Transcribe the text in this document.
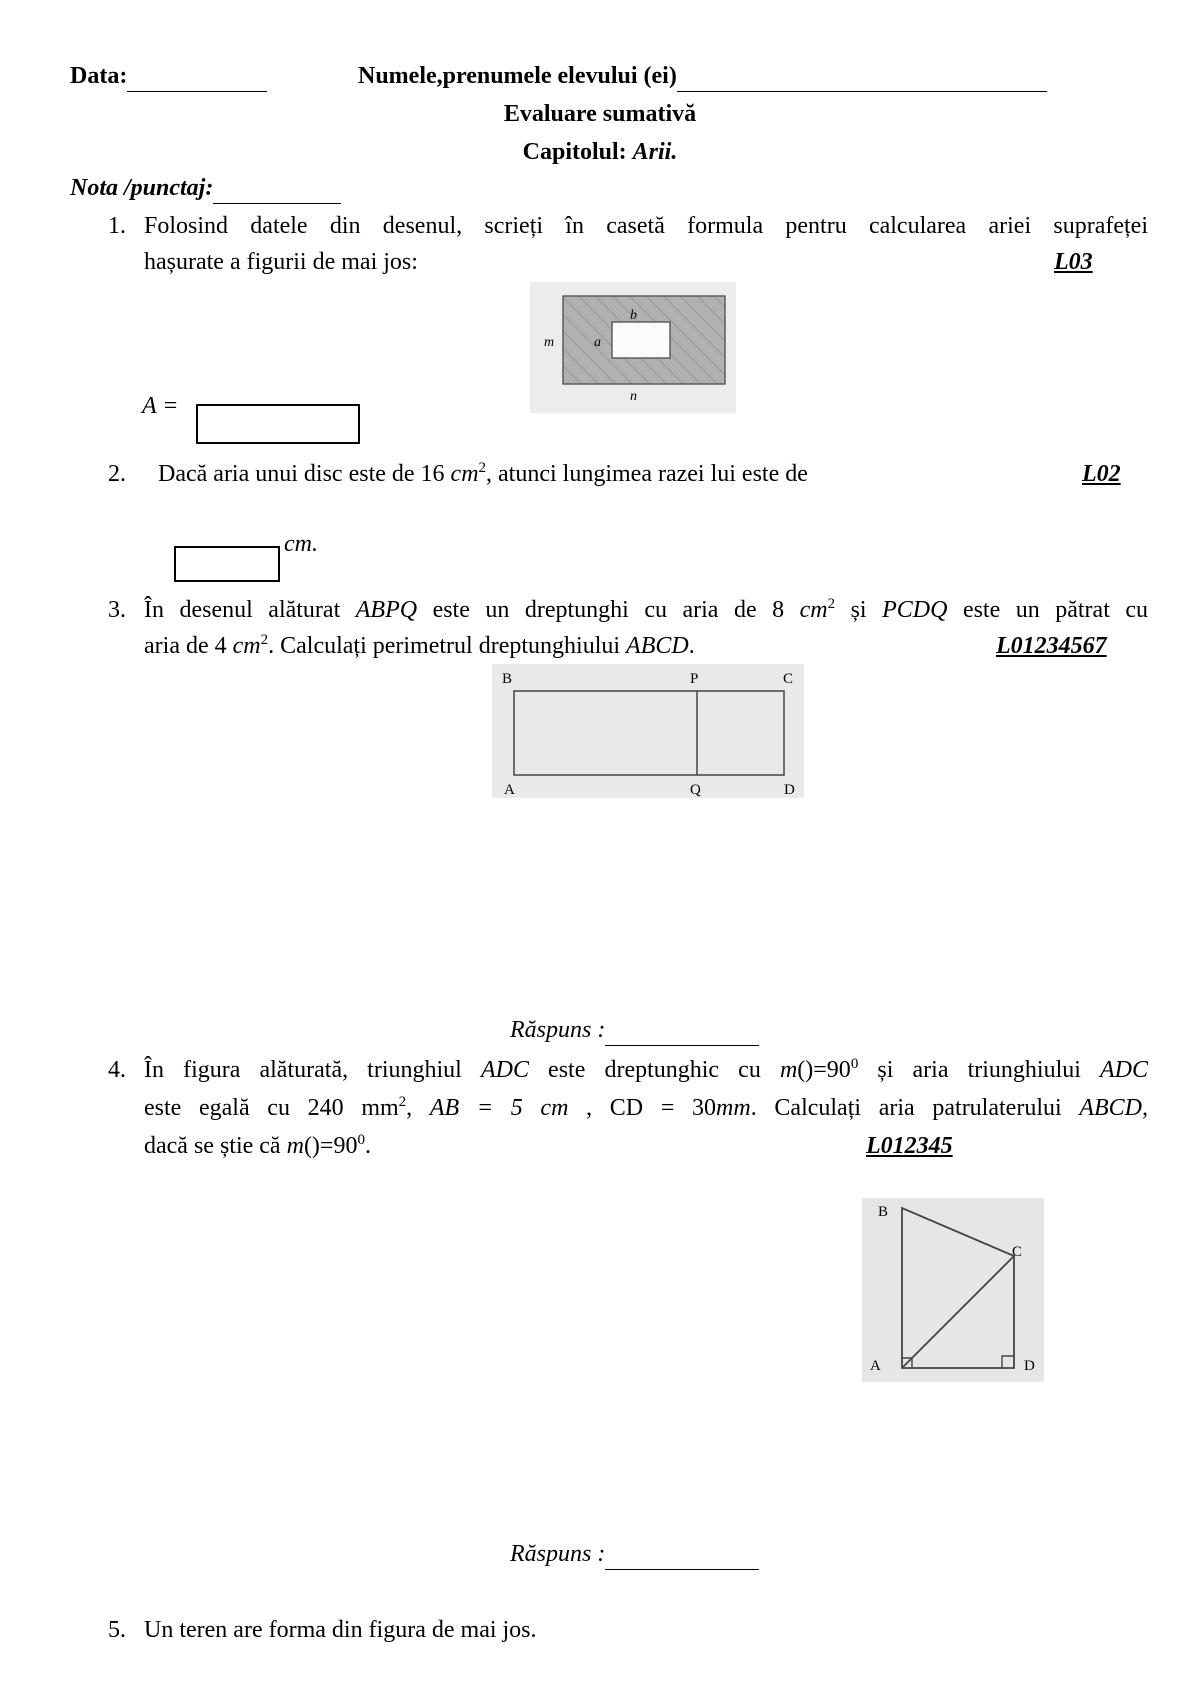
Data:	Numele,prenumele elevului (ei)
Evaluare sumativă
Capitolul: Arii.
Nota /punctaj:
1. Folosind datele din desenul, scrieți în casetă formula pentru calcularea ariei suprafeței
hașurate a figurii de mai jos:	L03
m
n
a
b
A =
2. Dacă aria unui disc este de 16 $cm^2$, atunci lungimea razei lui este de	L02
cm.
3. În desenul alăturat ABPQ este un dreptunghi cu aria de 8 $cm^2$ și PCDQ este un pătrat cu
aria de 4 $cm^2$. Calculați perimetrul dreptunghiului ABCD.	L01234567
B	P	C
A	Q	D
Răspuns :
4. În figura alăturată, triunghiul ADC este dreptunghic cu $m()=90^0$ și aria triunghiului ADC
este egală cu 240 $mm^2$, AB = 5 cm , CD = 30mm. Calculați aria patrulaterului ABCD,
dacă se știe că $m()=90^0$.	L012345
B
C
A	D
Răspuns :
5. Un teren are forma din figura de mai jos.
